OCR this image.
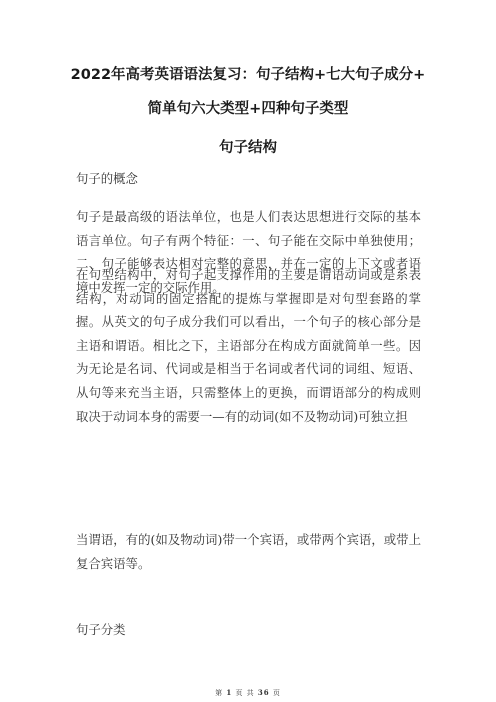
2022年高考英语语法复习：句子结构+七大句子成分+
简单句六大类型+四种句子类型
句子结构

句子的概念

句子是最高级的语法单位，也是人们表达思想进行交际的基本语言单位。句子有两个特征：一、句子能在交际中单独使用；二、句子能够表达相对完整的意思，并在一定的上下文或者语境中发挥一定的交际作用。

在句型结构中，对句子起支撑作用的主要是谓语动词或是系表结构，对动词的固定搭配的提炼与掌握即是对句型套路的掌握。从英文的句子成分我们可以看出，一个句子的核心部分是主语和谓语。相比之下，主语部分在构成方面就简单一些。因为无论是名词、代词或是相当于名词或者代词的词组、短语、从句等来充当主语，只需整体上的更换，而谓语部分的构成则取决于动词本身的需要一—有的动词(如不及物动词)可独立担

当谓语，有的(如及物动词)带一个宾语，或带两个宾语，或带上复合宾语等。

句子分类

第 1 页 共 36 页
